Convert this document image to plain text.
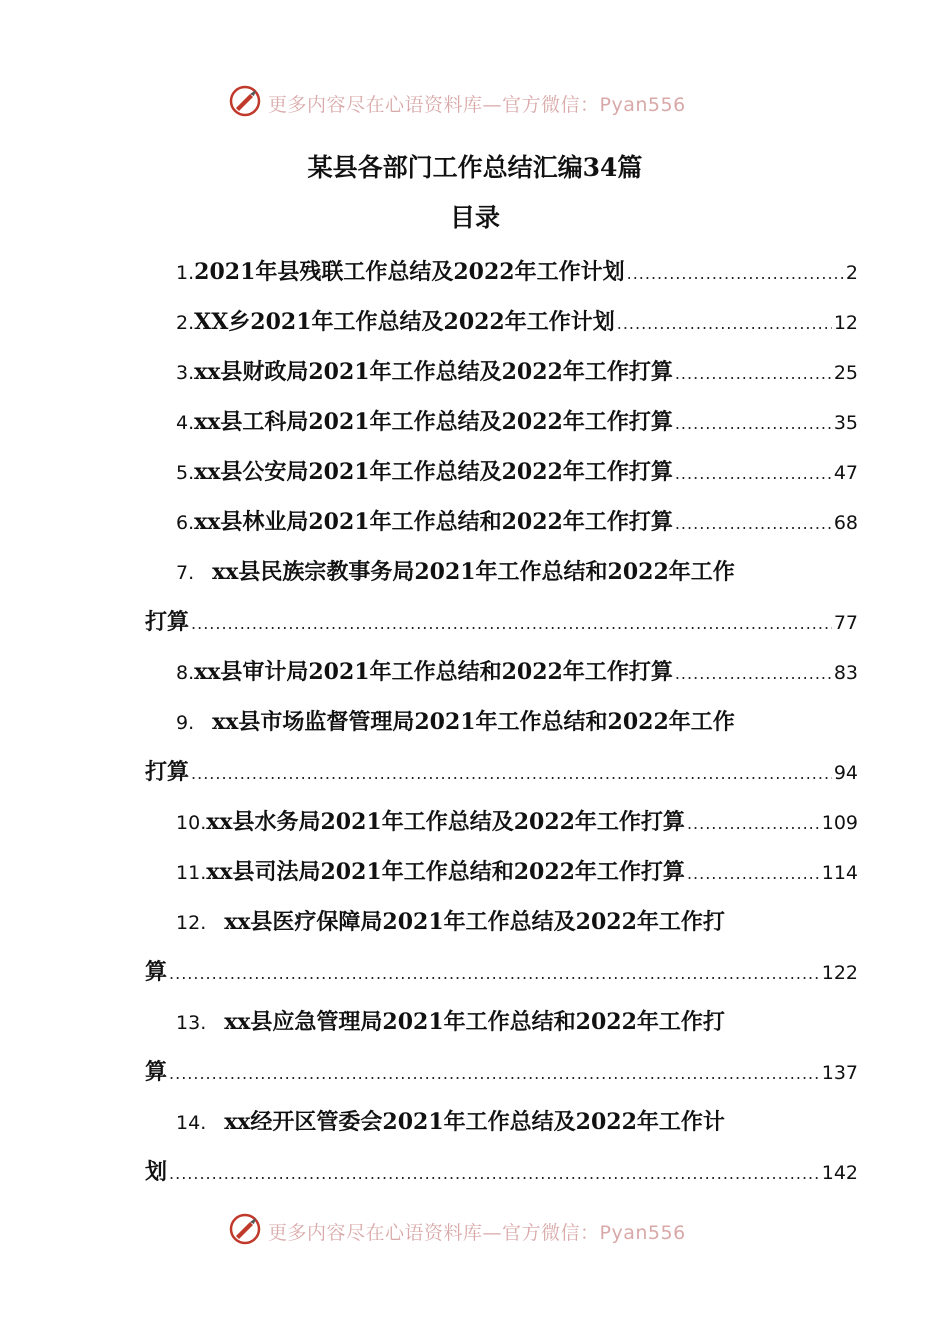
更多内容尽在心语资料库—官方微信：Pyan556
某县各部门工作总结汇编34篇
目录
1 . 2021年县残联工作总结及2022年工作计划 .....	2
2 . XX乡2021年工作总结及2022年工作计划 .....	12
3 . xx县财政局2021年工作总结及2022年工作打算 .....	25
4 . xx县工科局2021年工作总结及2022年工作打算 .....	35
5 . xx县公安局2021年工作总结及2022年工作打算 .....	47
6 . xx县林业局2021年工作总结和2022年工作打算 .....	68
7 . xx县民族宗教事务局2021年工作总结和2022年工作
打算 .....	77
8 . xx县审计局2021年工作总结和2022年工作打算 .....	83
9 . xx县市场监督管理局2021年工作总结和2022年工作
打算 .....	94
10 . xx县水务局2021年工作总结及2022年工作打算 .....	109
11 . xx县司法局2021年工作总结和2022年工作打算 .....	114
12 . xx县医疗保障局2021年工作总结及2022年工作打
算 .....	122
13 . xx县应急管理局2021年工作总结和2022年工作打
算 .....	137
14 . xx经开区管委会2021年工作总结及2022年工作计
划 .....	142
更多内容尽在心语资料库—官方微信：Pyan556
